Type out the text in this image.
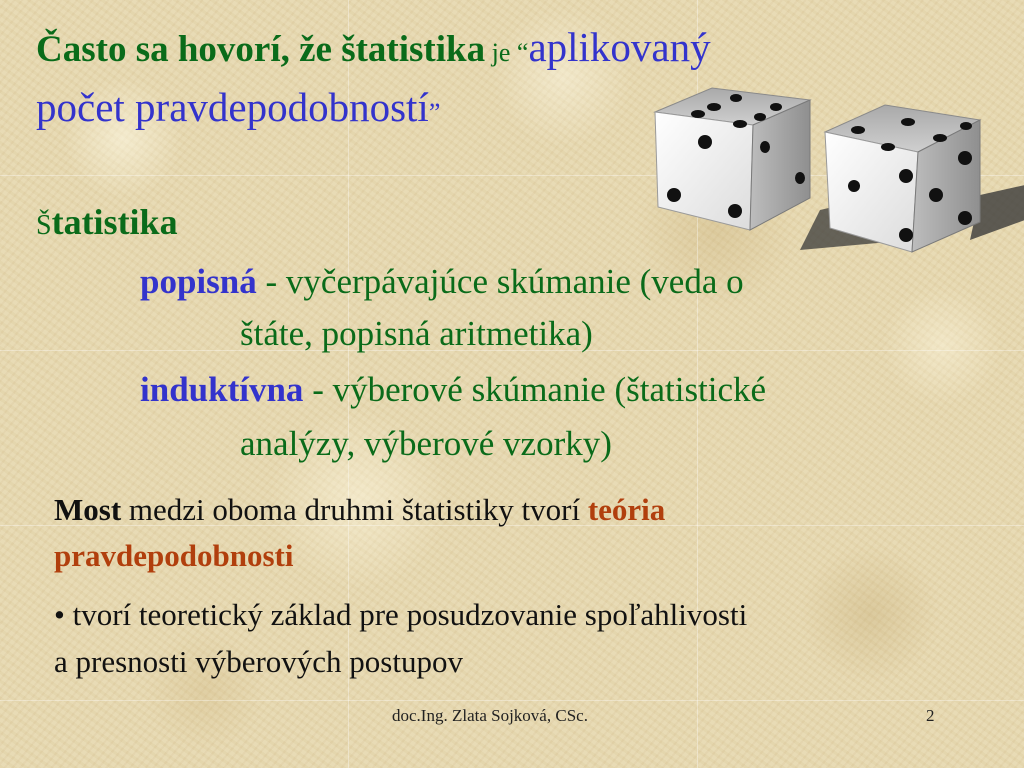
Často sa hovorí, že štatistika je “aplikovaný
počet pravdepodobností”
Štatistika
popisná - vyčerpávajúce skúmanie (veda o
štáte, popisná aritmetika)
induktívna - výberové skúmanie (štatistické
analýzy, výberové vzorky)
Most medzi oboma druhmi štatistiky tvorí teória
pravdepodobnosti
• tvorí teoretický základ pre posudzovanie spoľahlivosti
a presnosti výberových postupov
doc.Ing. Zlata Sojková, CSc.	2
